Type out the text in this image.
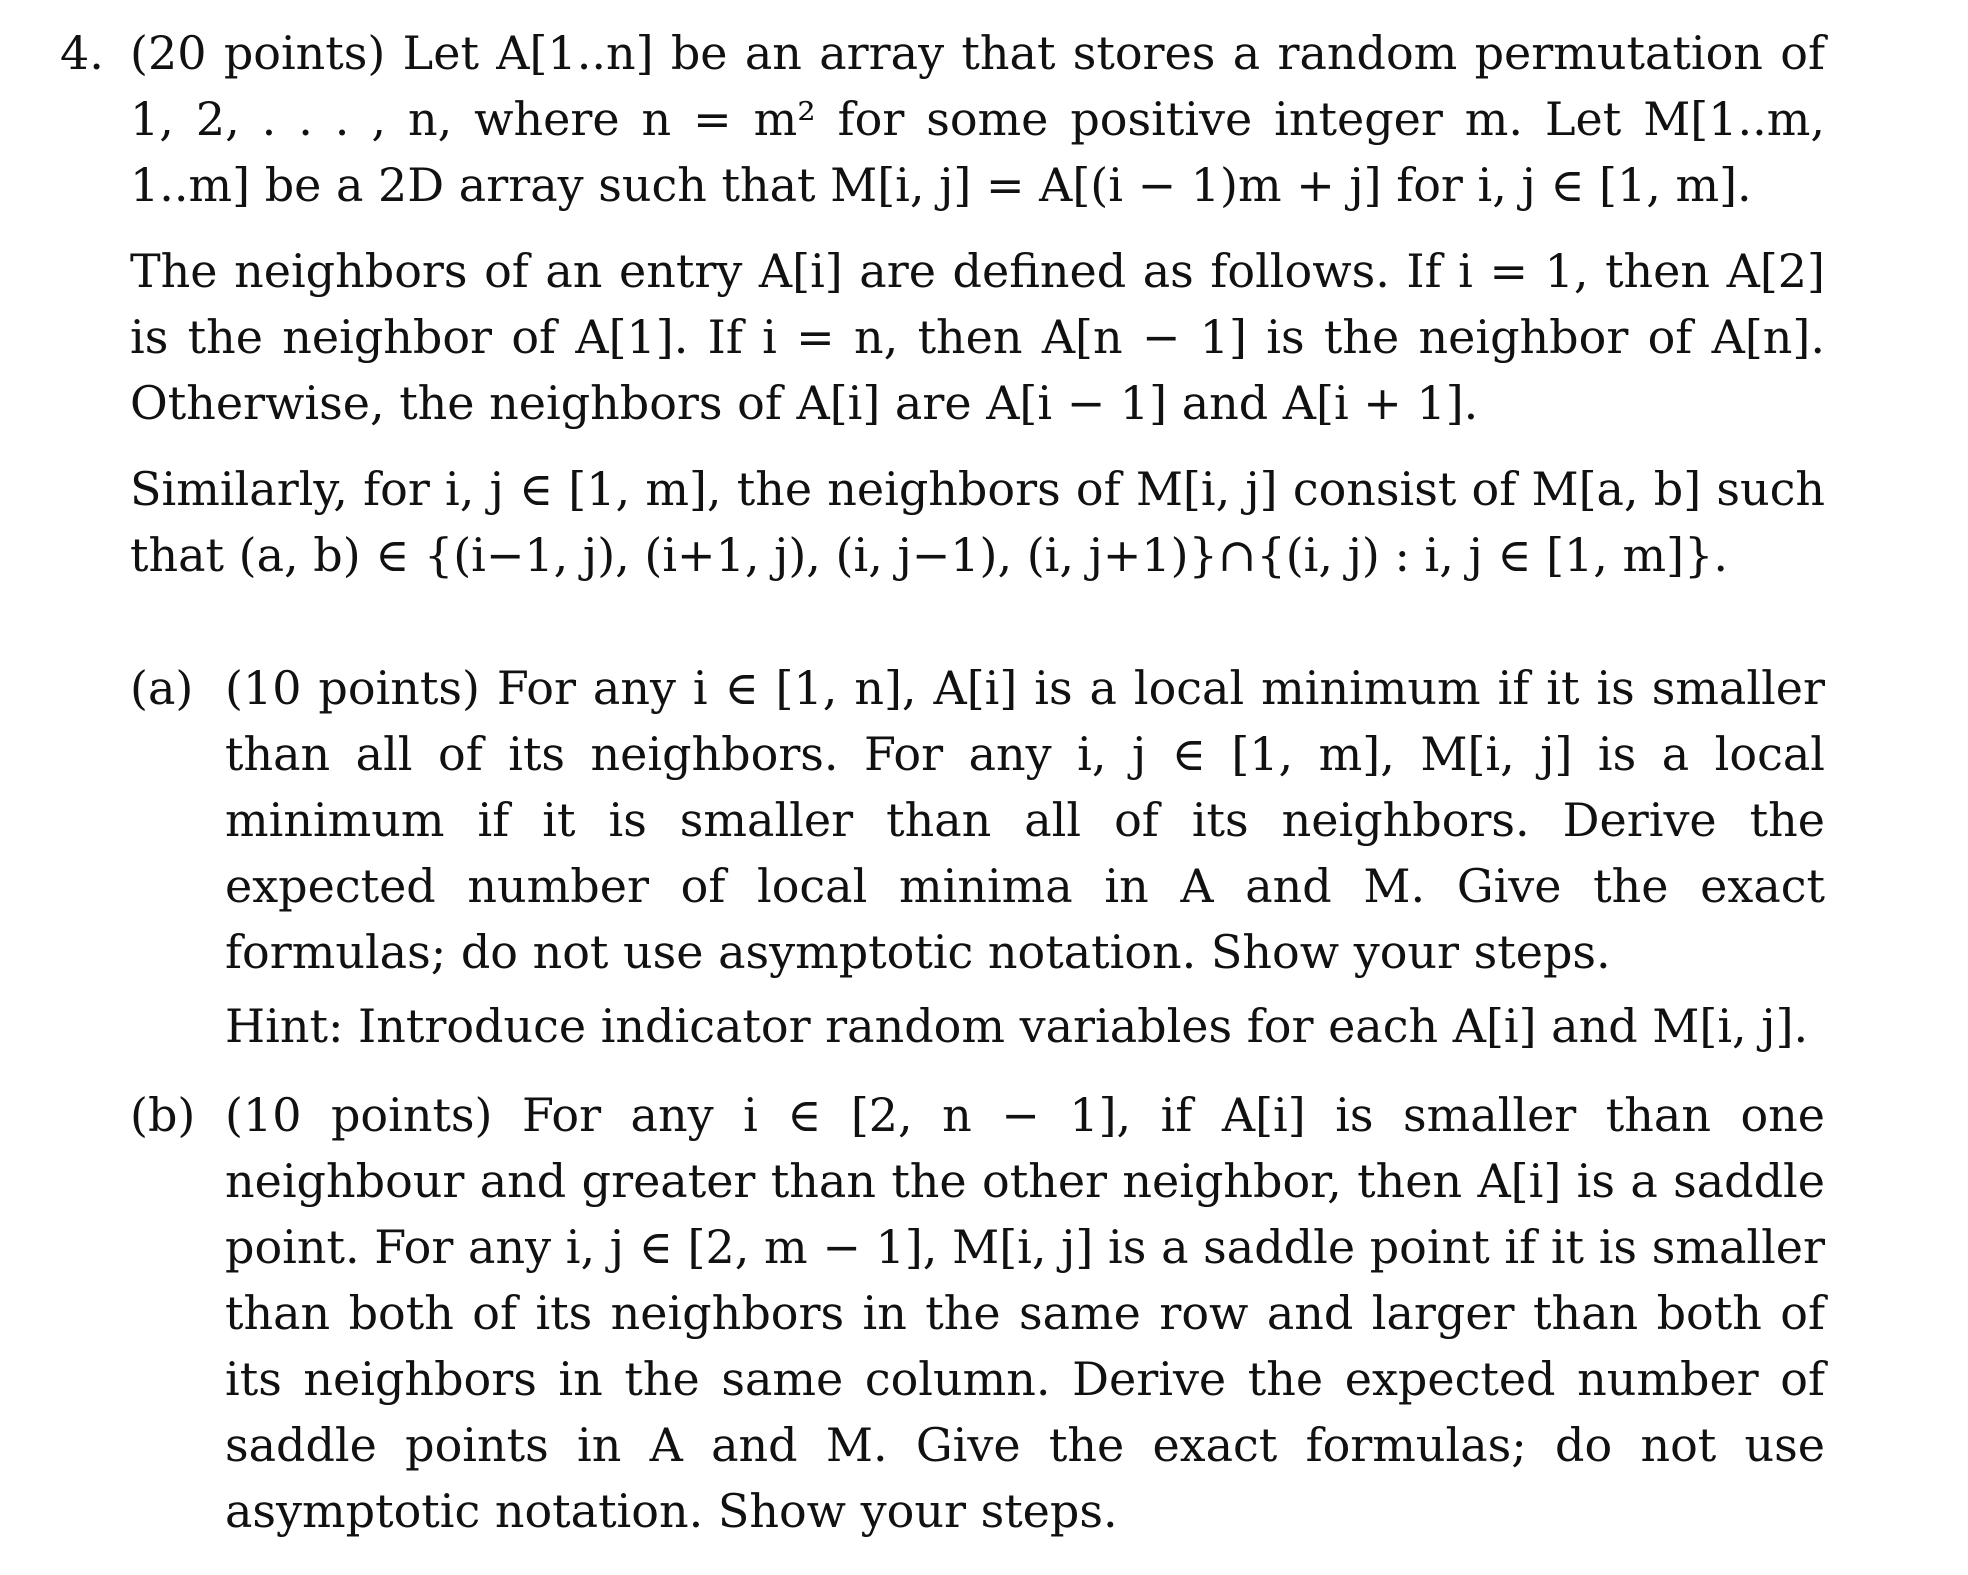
4. (20 points) Let A[1..n] be an array that stores a random permutation of 1, 2, . . . , n, where n = m² for some positive integer m. Let M[1..m, 1..m] be a 2D array such that M[i, j] = A[(i − 1)m + j] for i, j ∈ [1, m].
The neighbors of an entry A[i] are defined as follows. If i = 1, then A[2] is the neighbor of A[1]. If i = n, then A[n − 1] is the neighbor of A[n]. Otherwise, the neighbors of A[i] are A[i − 1] and A[i + 1].
Similarly, for i, j ∈ [1, m], the neighbors of M[i, j] consist of M[a, b] such that (a, b) ∈ {(i−1, j), (i+1, j), (i, j−1), (i, j+1)}∩{(i, j) : i, j ∈ [1, m]}.
(a) (10 points) For any i ∈ [1, n], A[i] is a local minimum if it is smaller than all of its neighbors. For any i, j ∈ [1, m], M[i, j] is a local minimum if it is smaller than all of its neighbors. Derive the expected number of local minima in A and M. Give the exact formulas; do not use asymptotic notation. Show your steps.
Hint: Introduce indicator random variables for each A[i] and M[i, j].
(b) (10 points) For any i ∈ [2, n − 1], if A[i] is smaller than one neighbour and greater than the other neighbor, then A[i] is a saddle point. For any i, j ∈ [2, m − 1], M[i, j] is a saddle point if it is smaller than both of its neighbors in the same row and larger than both of its neighbors in the same column. Derive the expected number of saddle points in A and M. Give the exact formulas; do not use asymptotic notation. Show your steps.
